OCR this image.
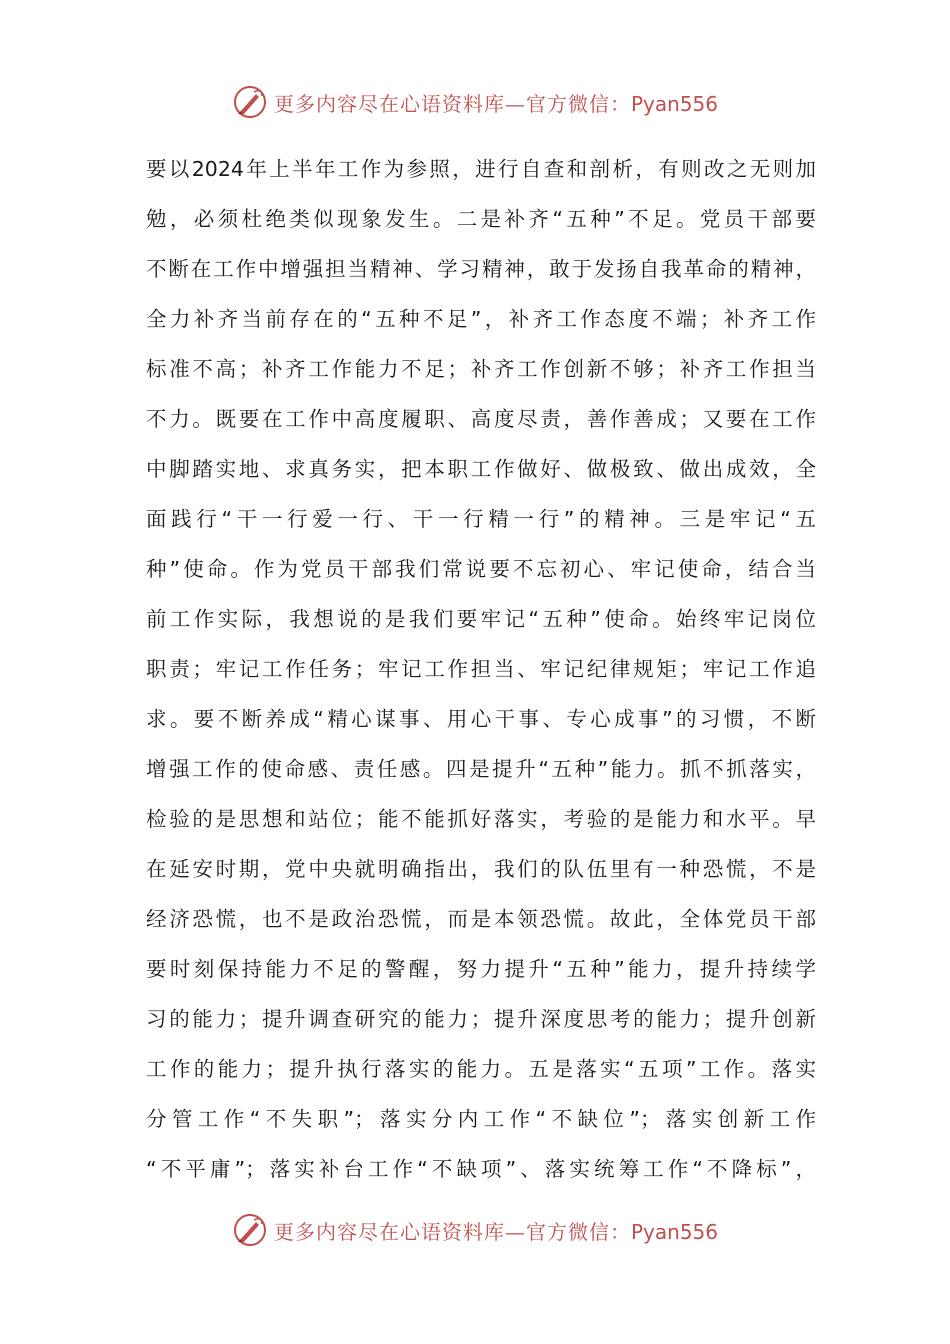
更多内容尽在心语资料库—官方微信：Pyan556
要以2024年上半年工作为参照，进行自查和剖析，有则改之无则加
勉，必须杜绝类似现象发生。二是补齐“五种”不足。党员干部要
不断在工作中增强担当精神、学习精神，敢于发扬自我革命的精神，
全力补齐当前存在的“五种不足”，补齐工作态度不端；补齐工作
标准不高；补齐工作能力不足；补齐工作创新不够；补齐工作担当
不力。既要在工作中高度履职、高度尽责，善作善成；又要在工作
中脚踏实地、求真务实，把本职工作做好、做极致、做出成效，全
面践行“干一行爱一行、干一行精一行”的精神。三是牢记“五
种”使命。作为党员干部我们常说要不忘初心、牢记使命，结合当
前工作实际，我想说的是我们要牢记“五种”使命。始终牢记岗位
职责；牢记工作任务；牢记工作担当、牢记纪律规矩；牢记工作追
求。要不断养成“精心谋事、用心干事、专心成事”的习惯，不断
增强工作的使命感、责任感。四是提升“五种”能力。抓不抓落实，
检验的是思想和站位；能不能抓好落实，考验的是能力和水平。早
在延安时期，党中央就明确指出，我们的队伍里有一种恐慌，不是
经济恐慌，也不是政治恐慌，而是本领恐慌。故此，全体党员干部
要时刻保持能力不足的警醒，努力提升“五种”能力，提升持续学
习的能力；提升调查研究的能力；提升深度思考的能力；提升创新
工作的能力；提升执行落实的能力。五是落实“五项”工作。落实
分管工作“不失职”；落实分内工作“不缺位”；落实创新工作
“不平庸”；落实补台工作“不缺项”、落实统筹工作“不降标”，
更多内容尽在心语资料库—官方微信：Pyan556
